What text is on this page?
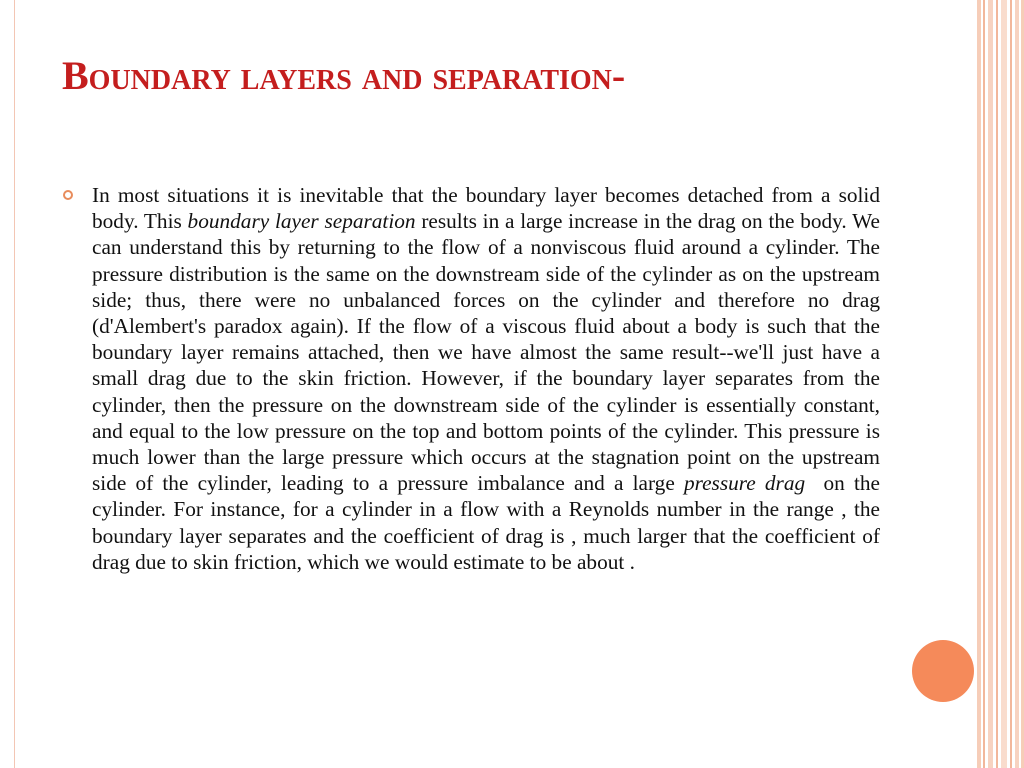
Boundary layers and separation-

In most situations it is inevitable that the boundary layer becomes detached from a solid body. This boundary layer separation results in a large increase in the drag on the body. We can understand this by returning to the flow of a nonviscous fluid around a cylinder. The pressure distribution is the same on the downstream side of the cylinder as on the upstream side; thus, there were no unbalanced forces on the cylinder and therefore no drag (d'Alembert's paradox again). If the flow of a viscous fluid about a body is such that the boundary layer remains attached, then we have almost the same result--we'll just have a small drag due to the skin friction. However, if the boundary layer separates from the cylinder, then the pressure on the downstream side of the cylinder is essentially constant, and equal to the low pressure on the top and bottom points of the cylinder. This pressure is much lower than the large pressure which occurs at the stagnation point on the upstream side of the cylinder, leading to a pressure imbalance and a large pressure drag  on the cylinder. For instance, for a cylinder in a flow with a Reynolds number in the range , the boundary layer separates and the coefficient of drag is , much larger that the coefficient of drag due to skin friction, which we would estimate to be about .
